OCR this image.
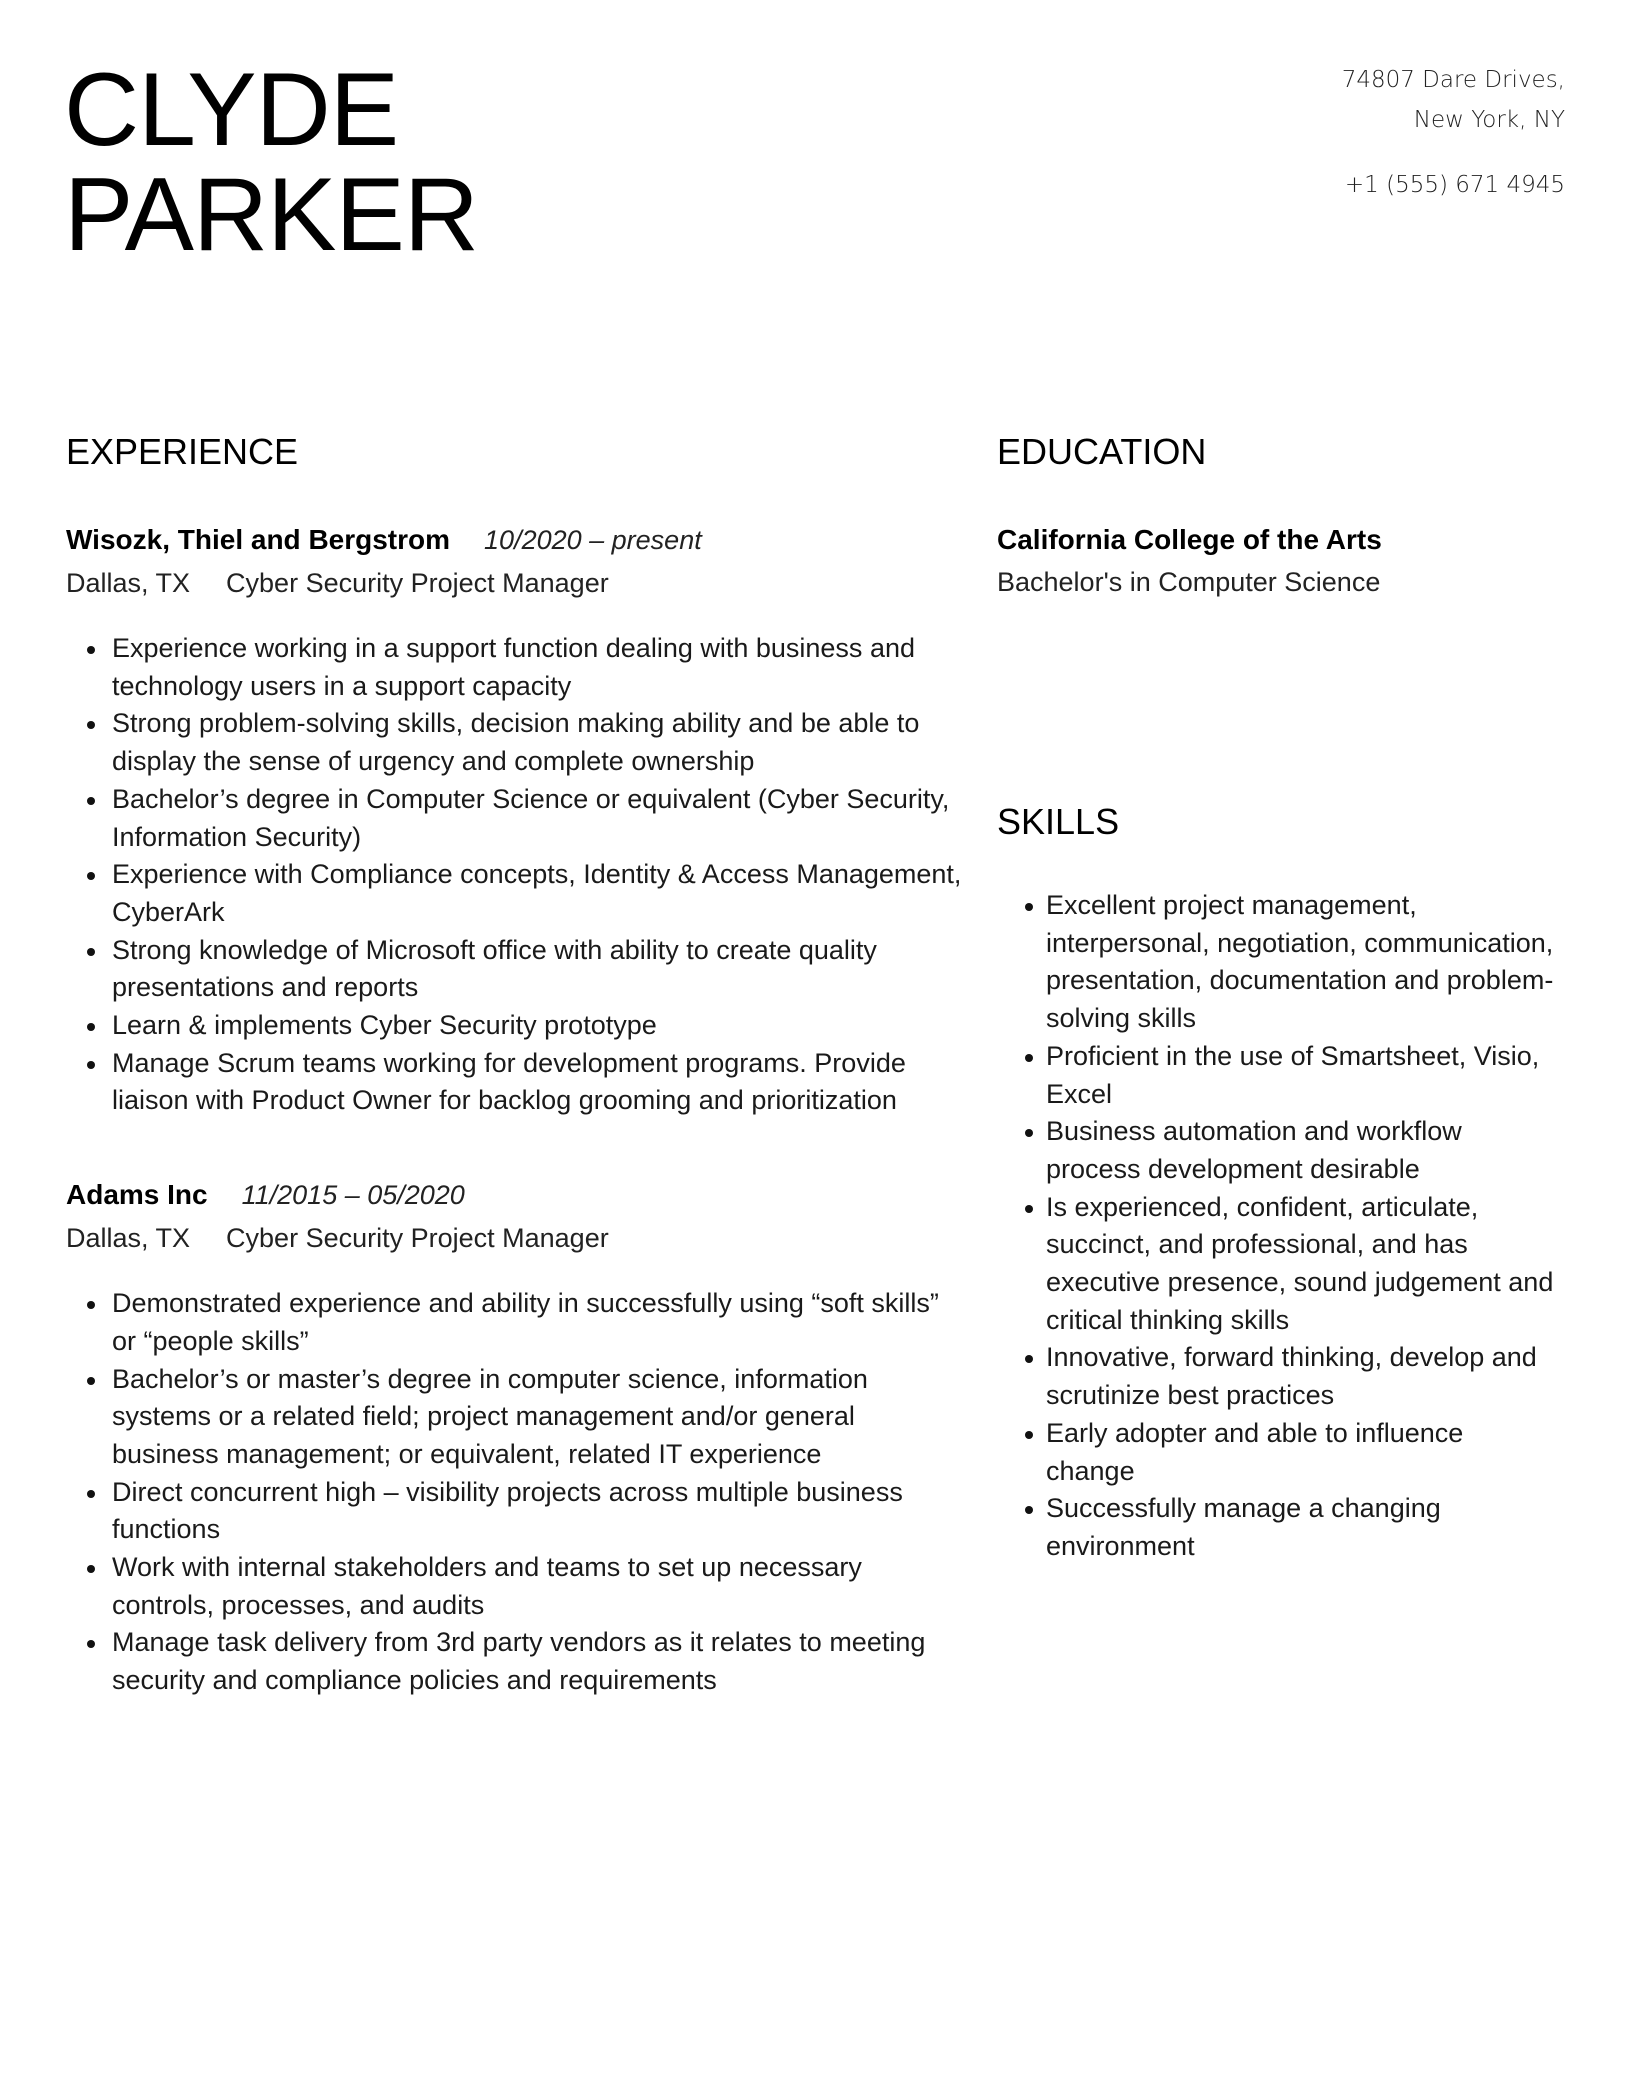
CLYDE
PARKER
74807 Dare Drives,
New York, NY
+1 (555) 671 4945
EXPERIENCE
Wisozk, Thiel and Bergstrom 10/2020 – present
Dallas, TX Cyber Security Project Manager
Experience working in a support function dealing with business and technology users in a support capacity
Strong problem-solving skills, decision making ability and be able to display the sense of urgency and complete ownership
Bachelor’s degree in Computer Science or equivalent (Cyber Security, Information Security)
Experience with Compliance concepts, Identity & Access Management, CyberArk
Strong knowledge of Microsoft office with ability to create quality presentations and reports
Learn & implements Cyber Security prototype
Manage Scrum teams working for development programs. Provide liaison with Product Owner for backlog grooming and prioritization
Adams Inc 11/2015 – 05/2020
Dallas, TX Cyber Security Project Manager
Demonstrated experience and ability in successfully using “soft skills” or “people skills”
Bachelor’s or master’s degree in computer science, information systems or a related field; project management and/or general business management; or equivalent, related IT experience
Direct concurrent high – visibility projects across multiple business functions
Work with internal stakeholders and teams to set up necessary controls, processes, and audits
Manage task delivery from 3rd party vendors as it relates to meeting security and compliance policies and requirements
EDUCATION
California College of the Arts
Bachelor's in Computer Science
SKILLS
Excellent project management, interpersonal, negotiation, communication, presentation, documentation and problem-solving skills
Proficient in the use of Smartsheet, Visio, Excel
Business automation and workflow process development desirable
Is experienced, confident, articulate, succinct, and professional, and has executive presence, sound judgement and critical thinking skills
Innovative, forward thinking, develop and scrutinize best practices
Early adopter and able to influence change
Successfully manage a changing environment
